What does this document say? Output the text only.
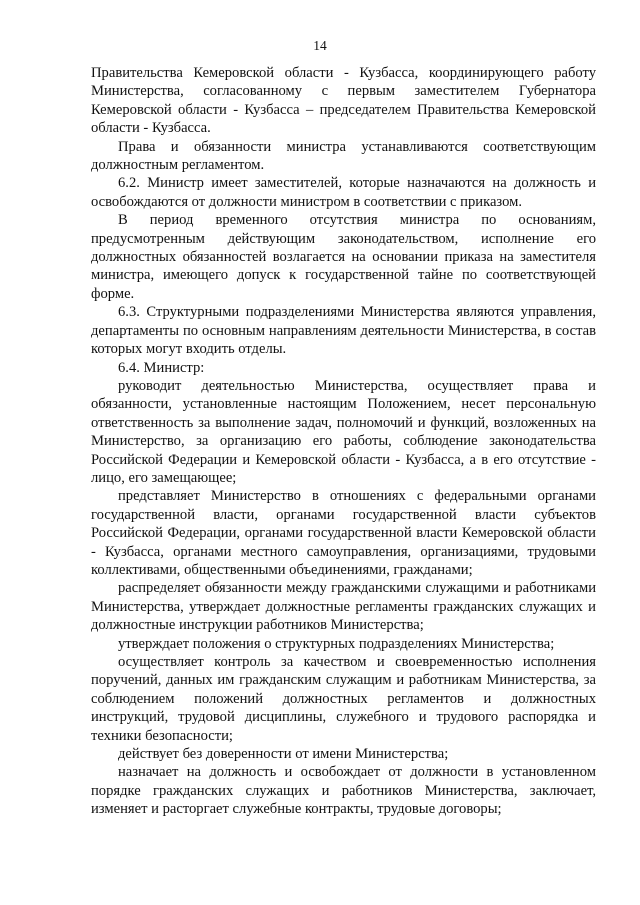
14

Правительства Кемеровской области - Кузбасса, координирующего работу Министерства, согласованному с первым заместителем Губернатора Кемеровской области - Кузбасса – председателем Правительства Кемеровской области - Кузбасса.

Права и обязанности министра устанавливаются соответствующим должностным регламентом.

6.2. Министр имеет заместителей, которые назначаются на должность и освобождаются от должности министром в соответствии с приказом.

В период временного отсутствия министра по основаниям, предусмотренным действующим законодательством, исполнение его должностных обязанностей возлагается на основании приказа на заместителя министра, имеющего допуск к государственной тайне по соответствующей форме.

6.3. Структурными подразделениями Министерства являются управления, департаменты по основным направлениям деятельности Министерства, в состав которых могут входить отделы.

6.4. Министр:

руководит деятельностью Министерства, осуществляет права и обязанности, установленные настоящим Положением, несет персональную ответственность за выполнение задач, полномочий и функций, возложенных на Министерство, за организацию его работы, соблюдение законодательства Российской Федерации и Кемеровской области - Кузбасса, а в его отсутствие - лицо, его замещающее;

представляет Министерство в отношениях с федеральными органами государственной власти, органами государственной власти субъектов Российской Федерации, органами государственной власти Кемеровской области - Кузбасса, органами местного самоуправления, организациями, трудовыми коллективами, общественными объединениями, гражданами;

распределяет обязанности между гражданскими служащими и работниками Министерства, утверждает должностные регламенты гражданских служащих и должностные инструкции работников Министерства;

утверждает положения о структурных подразделениях Министерства;

осуществляет контроль за качеством и своевременностью исполнения поручений, данных им гражданским служащим и работникам Министерства, за соблюдением положений должностных регламентов и должностных инструкций, трудовой дисциплины, служебного и трудового распорядка и техники безопасности;

действует без доверенности от имени Министерства;

назначает на должность и освобождает от должности в установленном порядке гражданских служащих и работников Министерства, заключает, изменяет и расторгает служебные контракты, трудовые договоры;
